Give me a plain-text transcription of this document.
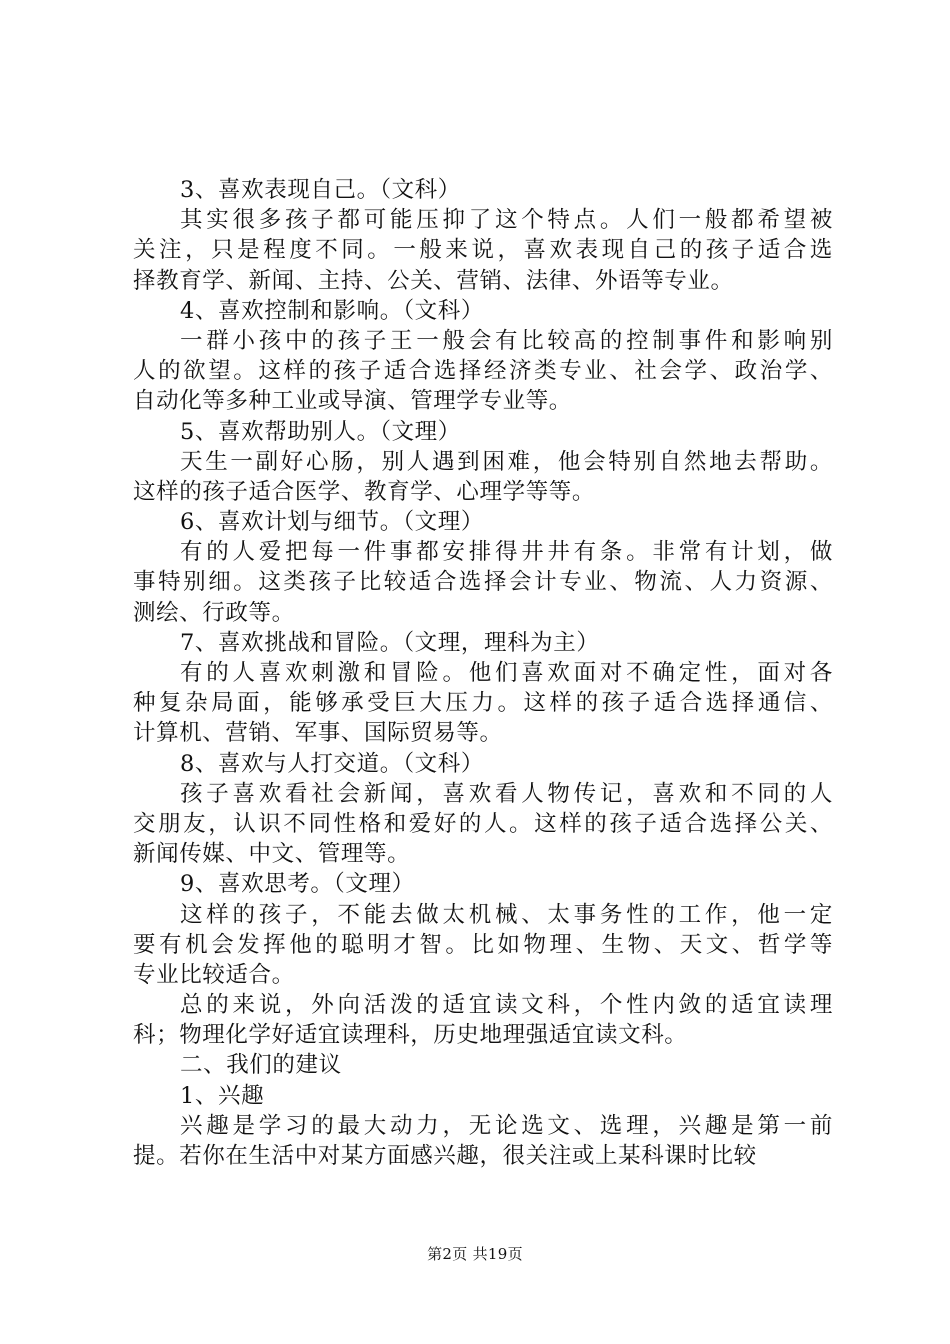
3、喜欢表现自己。（文科）
其实很多孩子都可能压抑了这个特点。人们一般都希望被
关注，只是程度不同。一般来说，喜欢表现自己的孩子适合选
择教育学、新闻、主持、公关、营销、法律、外语等专业。
4、喜欢控制和影响。（文科）
一群小孩中的孩子王一般会有比较高的控制事件和影响别
人的欲望。这样的孩子适合选择经济类专业、社会学、政治学、
自动化等多种工业或导演、管理学专业等。
5、喜欢帮助别人。（文理）
天生一副好心肠，别人遇到困难，他会特别自然地去帮助。
这样的孩子适合医学、教育学、心理学等等。
6、喜欢计划与细节。（文理）
有的人爱把每一件事都安排得井井有条。非常有计划，做
事特别细。这类孩子比较适合选择会计专业、物流、人力资源、
测绘、行政等。
7、喜欢挑战和冒险。（文理，理科为主）
有的人喜欢刺激和冒险。他们喜欢面对不确定性，面对各
种复杂局面，能够承受巨大压力。这样的孩子适合选择通信、
计算机、营销、军事、国际贸易等。
8、喜欢与人打交道。（文科）
孩子喜欢看社会新闻，喜欢看人物传记，喜欢和不同的人
交朋友，认识不同性格和爱好的人。这样的孩子适合选择公关、
新闻传媒、中文、管理等。
9、喜欢思考。（文理）
这样的孩子，不能去做太机械、太事务性的工作，他一定
要有机会发挥他的聪明才智。比如物理、生物、天文、哲学等
专业比较适合。
总的来说，外向活泼的适宜读文科，个性内敛的适宜读理
科；物理化学好适宜读理科，历史地理强适宜读文科。
二、我们的建议
1、兴趣
兴趣是学习的最大动力，无论选文、选理，兴趣是第一前
提。若你在生活中对某方面感兴趣，很关注或上某科课时比较
第2页 共19页
